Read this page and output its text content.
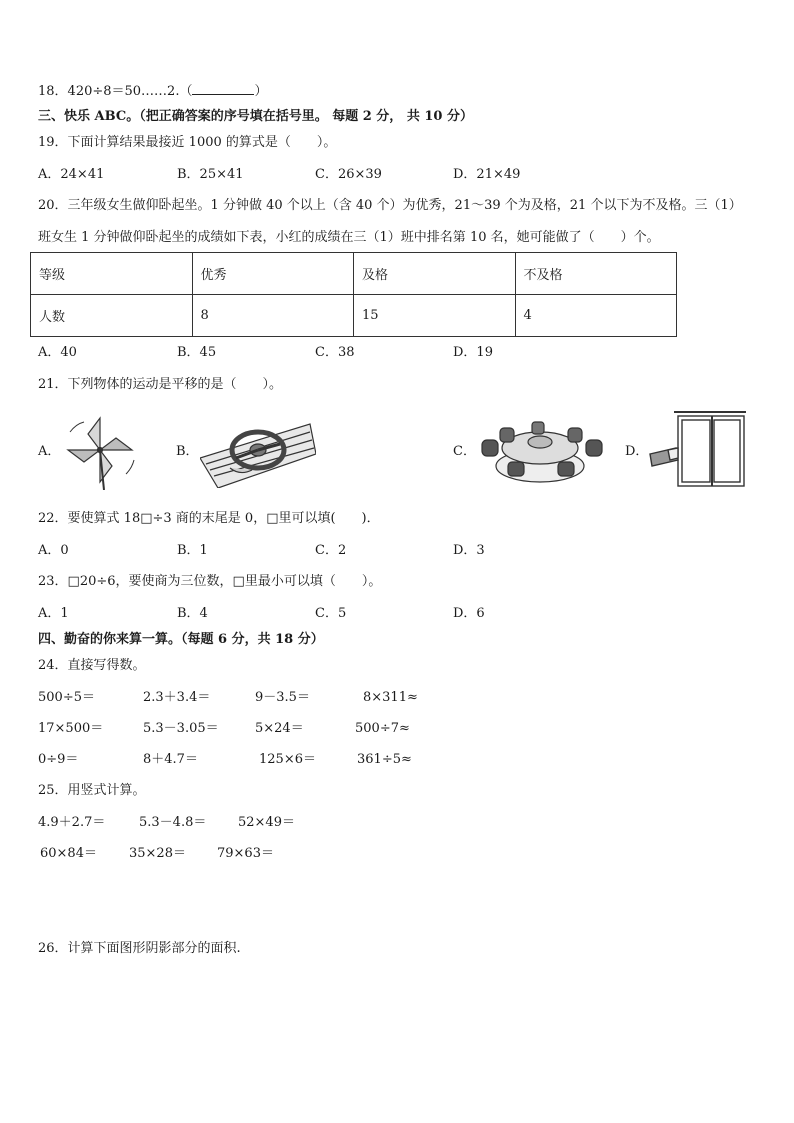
18．420÷8＝50……2.（	）
三、快乐 ABC。（把正确答案的序号填在括号里。 每题 2 分， 共 10 分）
19．下面计算结果最接近 1000 的算式是（　　）。
A．24×41	B．25×41	C．26×39	D．21×49
20．三年级女生做仰卧起坐。1 分钟做 40 个以上（含 40 个）为优秀，21～39 个为及格，21 个以下为不及格。三（1）
班女生 1 分钟做仰卧起坐的成绩如下表，小红的成绩在三（1）班中排名第 10 名，她可能做了（　　）个。
等级	优秀	及格	不及格
人数	8	15	4
A．40	B．45	C．38	D．19
21．下列物体的运动是平移的是（　　）。
A．	B．	C．	D．
22．要使算式 18□÷3 商的末尾是 0，□里可以填(　　)．
A．0	B．1	C．2	D．3
23．□20÷6，要使商为三位数，□里最小可以填（　　）。
A．1	B．4	C．5	D．6
四、勤奋的你来算一算。（每题 6 分，共 18 分）
24．直接写得数。
500÷5＝	2.3＋3.4＝	9－3.5＝	8×311≈
17×500＝	5.3－3.05＝	5×24＝	500÷7≈
0÷9＝	8＋4.7＝	125×6＝	361÷5≈
25．用竖式计算。
4.9＋2.7＝	5.3－4.8＝ 52×49＝
60×84＝ 35×28＝ 79×63＝
26．计算下面图形阴影部分的面积.
